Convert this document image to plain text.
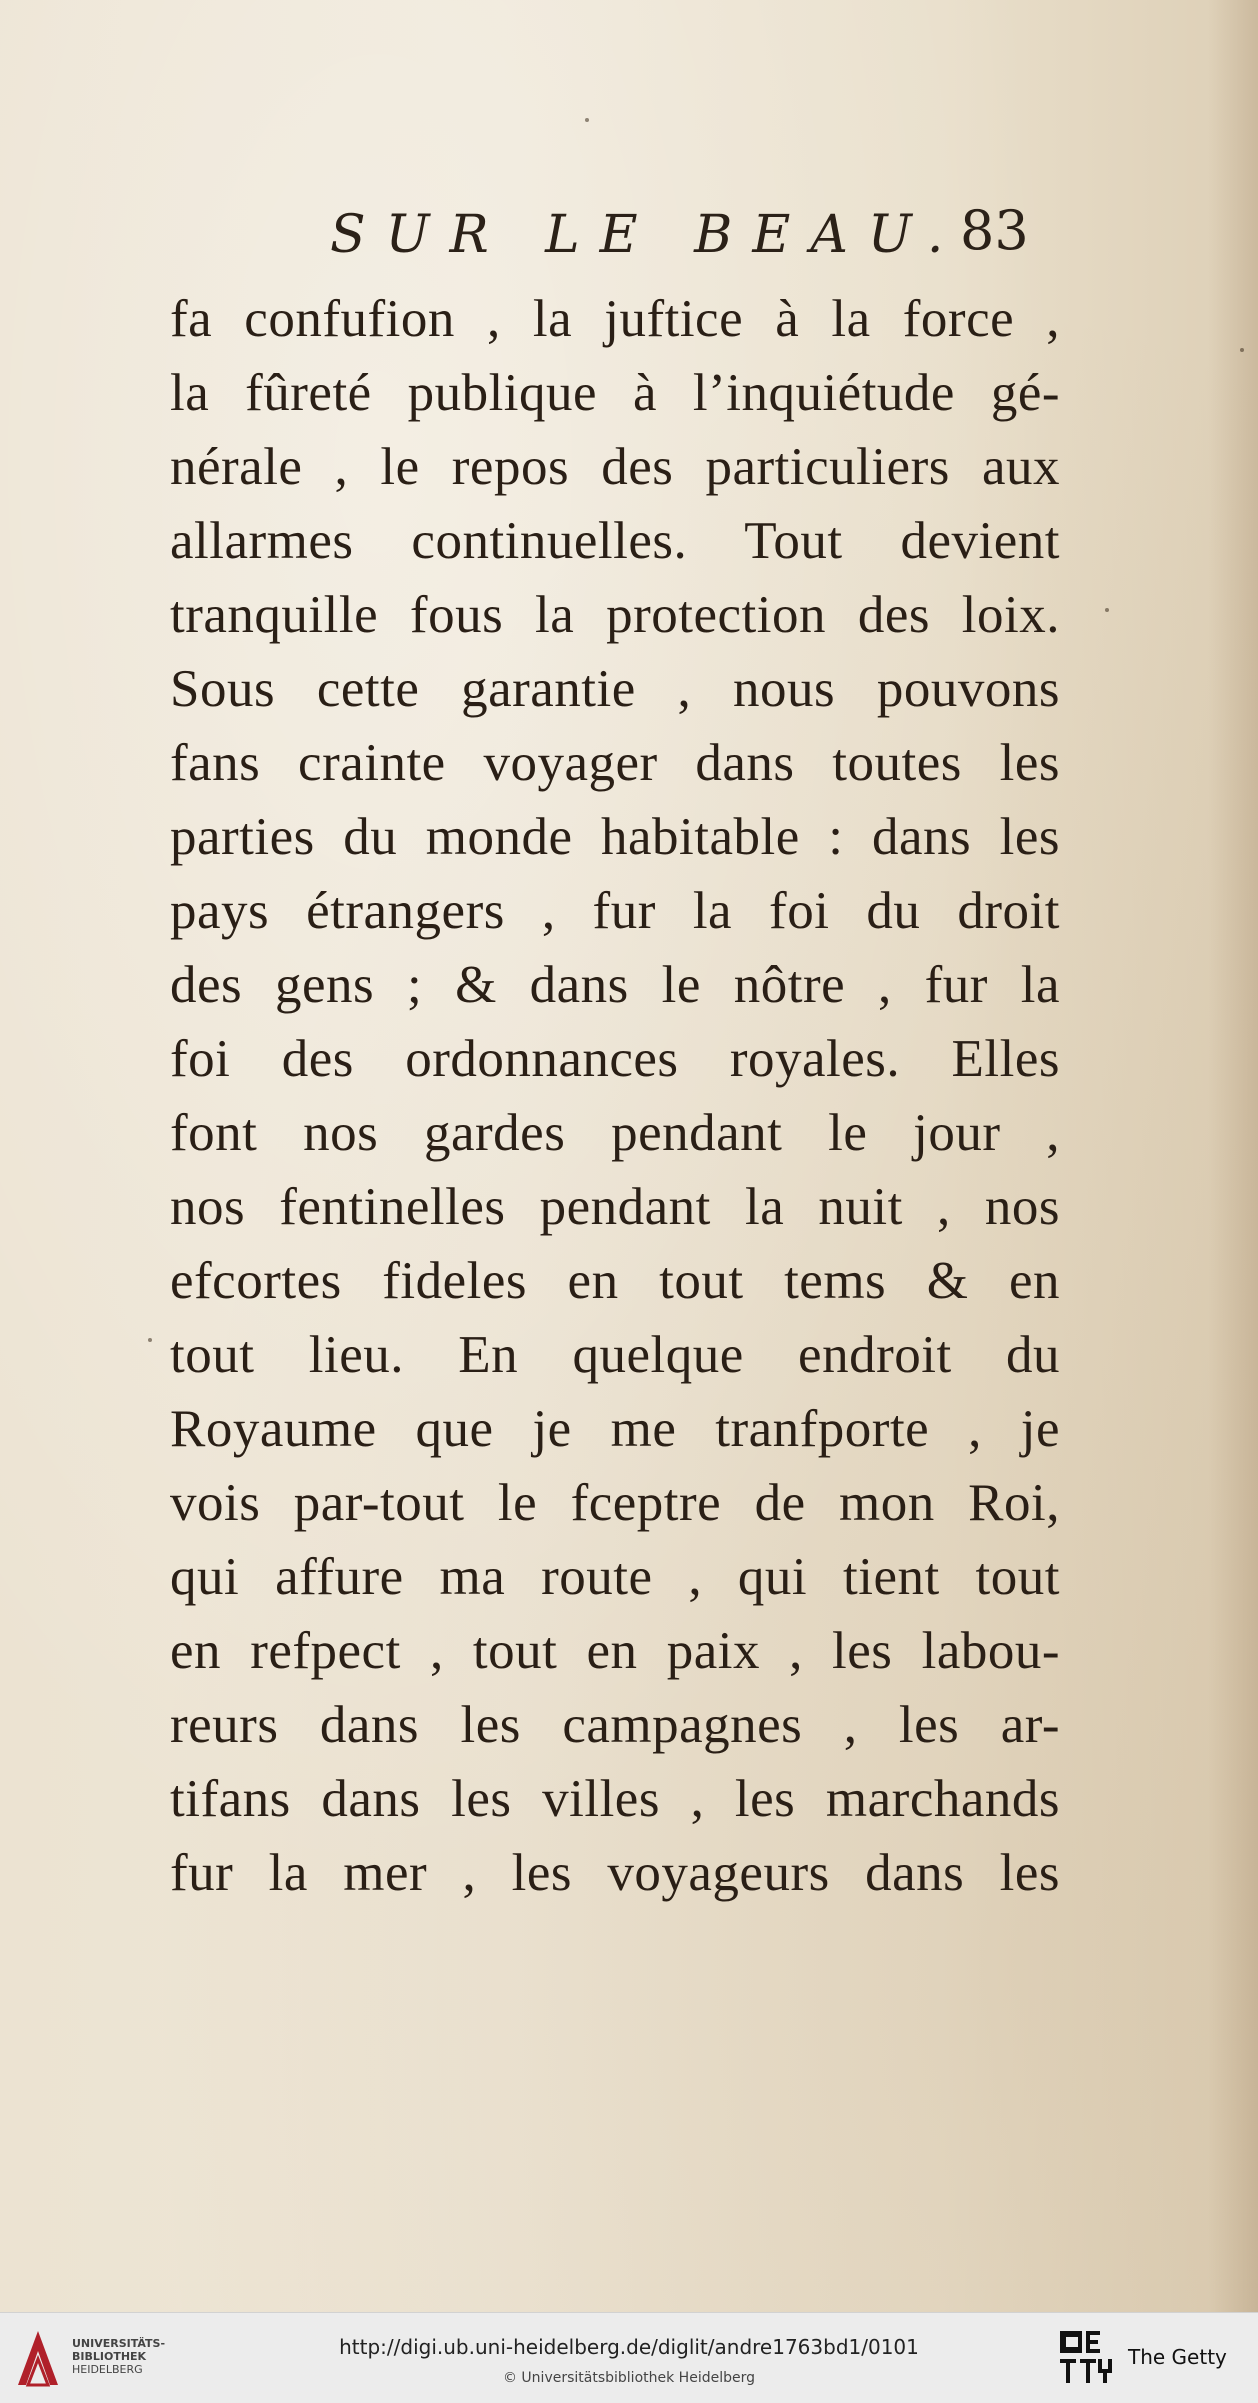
SUR LE BEAU.
83
fa confufion , la juftice à la force ,
la fûreté publique à l’inquiétude gé-
nérale , le repos des particuliers aux
allarmes continuelles. Tout devient
tranquille fous la protection des loix.
Sous cette garantie , nous pouvons
fans crainte voyager dans toutes les
parties du monde habitable : dans les
pays étrangers , fur la foi du droit
des gens ; & dans le nôtre , fur la
foi des ordonnances royales. Elles
font nos gardes pendant le jour ,
nos fentinelles pendant la nuit , nos
efcortes fideles en tout tems & en
tout lieu. En quelque endroit du
Royaume que je me tranfporte , je
vois par-tout le fceptre de mon Roi,
qui affure ma route , qui tient tout
en refpect , tout en paix , les labou-
reurs dans les campagnes , les ar-
tifans dans les villes , les marchands
fur la mer , les voyageurs dans les
UNIVERSITÄTS-
BIBLIOTHEK
HEIDELBERG
http://digi.ub.uni-heidelberg.de/diglit/andre1763bd1/0101
© Universitätsbibliothek Heidelberg
The Getty
